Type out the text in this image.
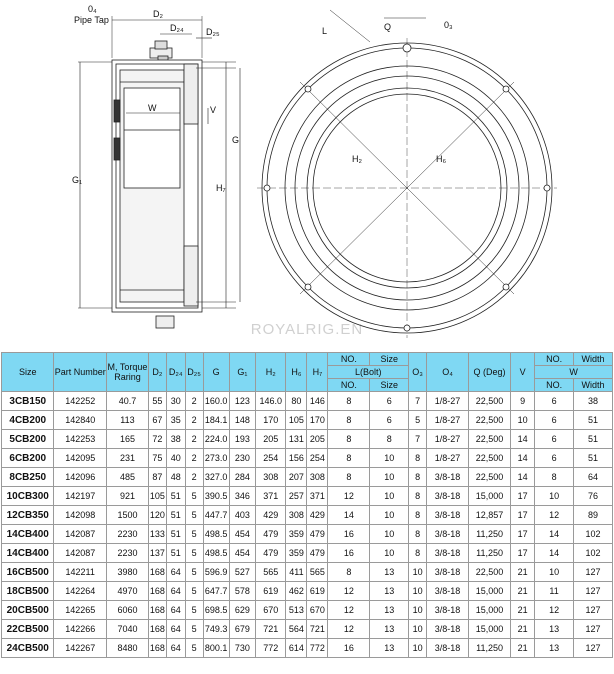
0₄
Pipe Tap
D₂
D₂₄ D₂₅
W	V
G
G₁
H₇
L	Q	0₃
H₂	H₆
ROYALRIG.EN
Size	Part Number	M, Torque Raring	D₂	D₂₄	D₂₅	G	G₁	H₂	H₆	H₇	NO.	Size	O₃	O₄	Q (Deg)	V	NO.	Width
											L(Bolt)						W	
											NO.	Size					NO.	Width
3CB150	142252	40.7	55	30	2	160.0	123	146.0	80	146	8	6	7	1/8-27	22,500	9	6	38
4CB200	142840	113	67	35	2	184.1	148	170	105	170	8	6	5	1/8-27	22,500	10	6	51
5CB200	142253	165	72	38	2	224.0	193	205	131	205	8	8	7	1/8-27	22,500	14	6	51
6CB200	142095	231	75	40	2	273.0	230	254	156	254	8	10	8	1/8-27	22,500	14	6	51
8CB250	142096	485	87	48	2	327.0	284	308	207	308	8	10	8	3/8-18	22,500	14	8	64
10CB300	142197	921	105	51	5	390.5	346	371	257	371	12	10	8	3/8-18	15,000	17	10	76
12CB350	142098	1500	120	51	5	447.7	403	429	308	429	14	10	8	3/8-18	12,857	17	12	89
14CB400	142087	2230	133	51	5	498.5	454	479	359	479	16	10	8	3/8-18	11,250	17	14	102
14CB400	142087	2230	137	51	5	498.5	454	479	359	479	16	10	8	3/8-18	11,250	17	14	102
16CB500	142211	3980	168	64	5	596.9	527	565	411	565	8	13	10	3/8-18	22,500	21	10	127
18CB500	142264	4970	168	64	5	647.7	578	619	462	619	12	13	10	3/8-18	15,000	21	11	127
20CB500	142265	6060	168	64	5	698.5	629	670	513	670	12	13	10	3/8-18	15,000	21	12	127
22CB500	142266	7040	168	64	5	749.3	679	721	564	721	12	13	10	3/8-18	15,000	21	13	127
24CB500	142267	8480	168	64	5	800.1	730	772	614	772	16	13	10	3/8-18	11,250	21	13	127
